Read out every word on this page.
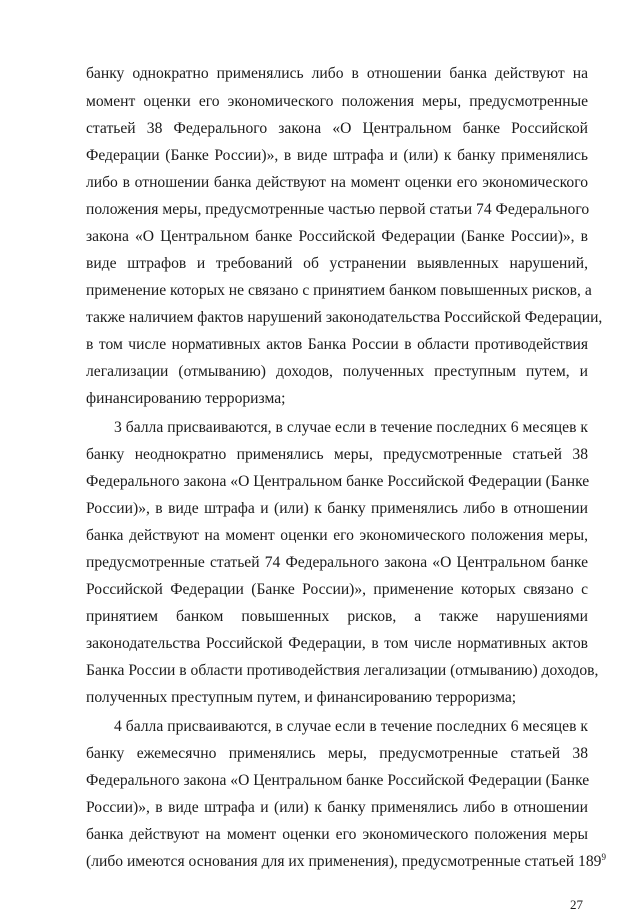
банку однократно применялись либо в отношении банка действуют на
момент оценки его экономического положения меры, предусмотренные
статьей 38 Федерального закона «О Центральном банке Российской
Федерации (Банке России)», в виде штрафа и (или) к банку применялись
либо в отношении банка действуют на момент оценки его экономического
положения меры, предусмотренные частью первой статьи 74 Федерального
закона «О Центральном банке Российской Федерации (Банке России)», в
виде штрафов и требований об устранении выявленных нарушений,
применение которых не связано с принятием банком повышенных рисков, а
также наличием фактов нарушений законодательства Российской Федерации,
в том числе нормативных актов Банка России в области противодействия
легализации (отмыванию) доходов, полученных преступным путем, и
финансированию терроризма;
3 балла присваиваются, в случае если в течение последних 6 месяцев к
банку неоднократно применялись меры, предусмотренные статьей 38
Федерального закона «О Центральном банке Российской Федерации (Банке
России)», в виде штрафа и (или) к банку применялись либо в отношении
банка действуют на момент оценки его экономического положения меры,
предусмотренные статьей 74 Федерального закона «О Центральном банке
Российской Федерации (Банке России)», применение которых связано с
принятием банком повышенных рисков, а также нарушениями
законодательства Российской Федерации, в том числе нормативных актов
Банка России в области противодействия легализации (отмыванию) доходов,
полученных преступным путем, и финансированию терроризма;
4 балла присваиваются, в случае если в течение последних 6 месяцев к
банку ежемесячно применялись меры, предусмотренные статьей 38
Федерального закона «О Центральном банке Российской Федерации (Банке
России)», в виде штрафа и (или) к банку применялись либо в отношении
банка действуют на момент оценки его экономического положения меры
(либо имеются основания для их применения), предусмотренные статьей $189^9$
27
